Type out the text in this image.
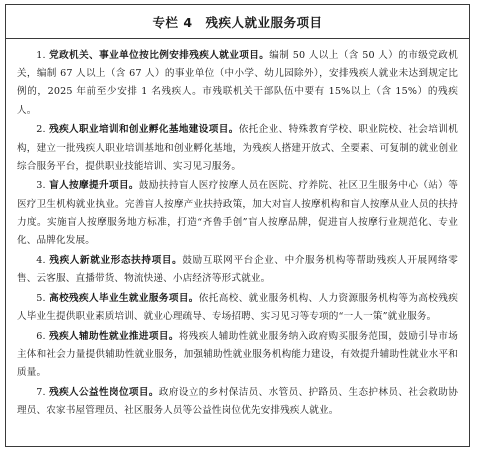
专栏 4　残疾人就业服务项目

1. 党政机关、事业单位按比例安排残疾人就业项目。编制 50 人以上（含 50 人）的市级党政机关，编制 67 人以上（含 67 人）的事业单位（中小学、幼儿园除外），安排残疾人就业未达到规定比例的，2025 年前至少安排 1 名残疾人。市残联机关干部队伍中要有 15%以上（含 15%）的残疾人。

2. 残疾人职业培训和创业孵化基地建设项目。依托企业、特殊教育学校、职业院校、社会培训机构，建立一批残疾人职业培训基地和创业孵化基地，为残疾人搭建开放式、全要素、可复制的就业创业综合服务平台，提供职业技能培训、实习见习服务。

3. 盲人按摩提升项目。鼓励扶持盲人医疗按摩人员在医院、疗养院、社区卫生服务中心（站）等医疗卫生机构就业执业。完善盲人按摩产业扶持政策，加大对盲人按摩机构和盲人按摩从业人员的扶持力度。实施盲人按摩服务地方标准，打造“齐鲁手创”盲人按摩品牌，促进盲人按摩行业规范化、专业化、品牌化发展。

4. 残疾人新就业形态扶持项目。鼓励互联网平台企业、中介服务机构等帮助残疾人开展网络零售、云客服、直播带货、物流快递、小店经济等形式就业。

5. 高校残疾人毕业生就业服务项目。依托高校、就业服务机构、人力资源服务机构等为高校残疾人毕业生提供职业素质培训、就业心理疏导、专场招聘、实习见习等专项的“一人一策”就业服务。

6. 残疾人辅助性就业推进项目。将残疾人辅助性就业服务纳入政府购买服务范围，鼓励引导市场主体和社会力量提供辅助性就业服务，加强辅助性就业服务机构能力建设，有效提升辅助性就业水平和质量。

7. 残疾人公益性岗位项目。政府设立的乡村保洁员、水管员、护路员、生态护林员、社会救助协理员、农家书屋管理员、社区服务人员等公益性岗位优先安排残疾人就业。
